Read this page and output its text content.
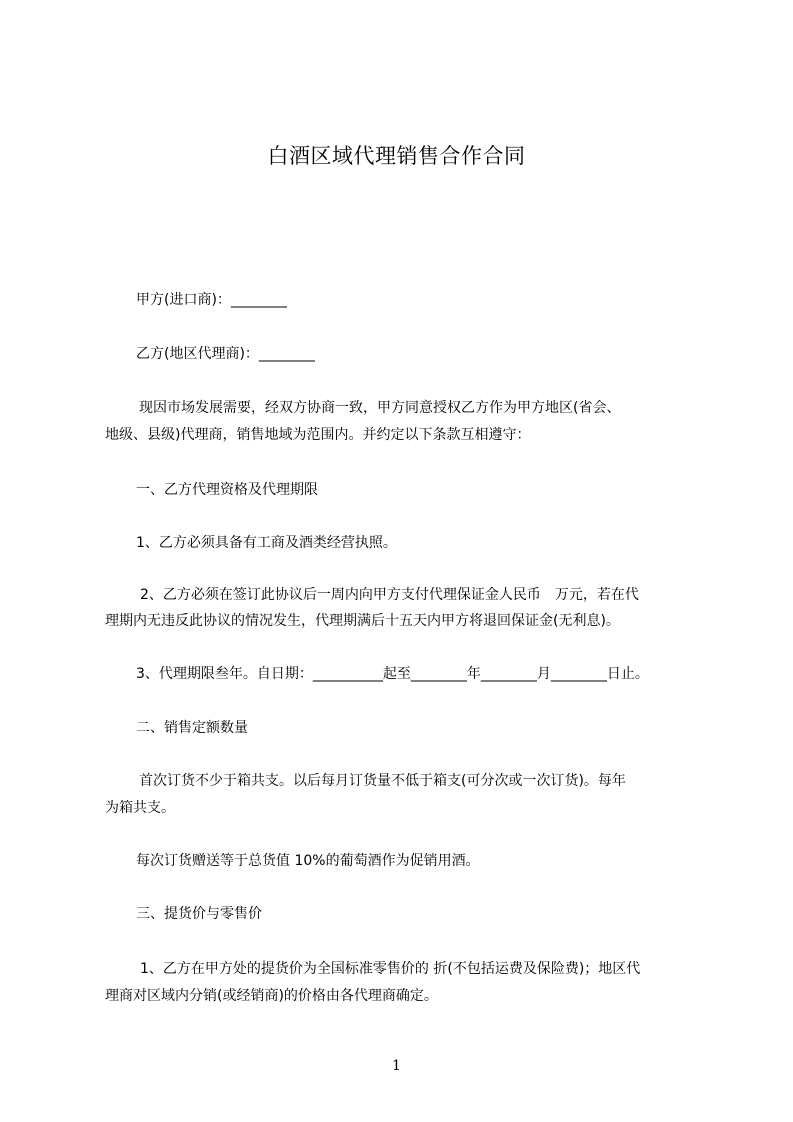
白酒区域代理销售合作合同
甲方(进口商)：________
乙方(地区代理商)：________
现因市场发展需要，经双方协商一致，甲方同意授权乙方作为甲方地区(省会、
地级、县级)代理商，销售地域为范围内。并约定以下条款互相遵守：
一、乙方代理资格及代理期限
1、乙方必须具备有工商及酒类经营执照。
2、乙方必须在签订此协议后一周内向甲方支付代理保证金人民币　万元，若在代
理期内无违反此协议的情况发生，代理期满后十五天内甲方将退回保证金(无利息)。
3、代理期限叁年。自日期：__________起至________年________月________日止。
二、销售定额数量
首次订货不少于箱共支。以后每月订货量不低于箱支(可分次或一次订货)。每年
为箱共支。
每次订货赠送等于总货值 10%的葡萄酒作为促销用酒。
三、提货价与零售价
1、乙方在甲方处的提货价为全国标准零售价的 折(不包括运费及保险费)；地区代
理商对区域内分销(或经销商)的价格由各代理商确定。
1
